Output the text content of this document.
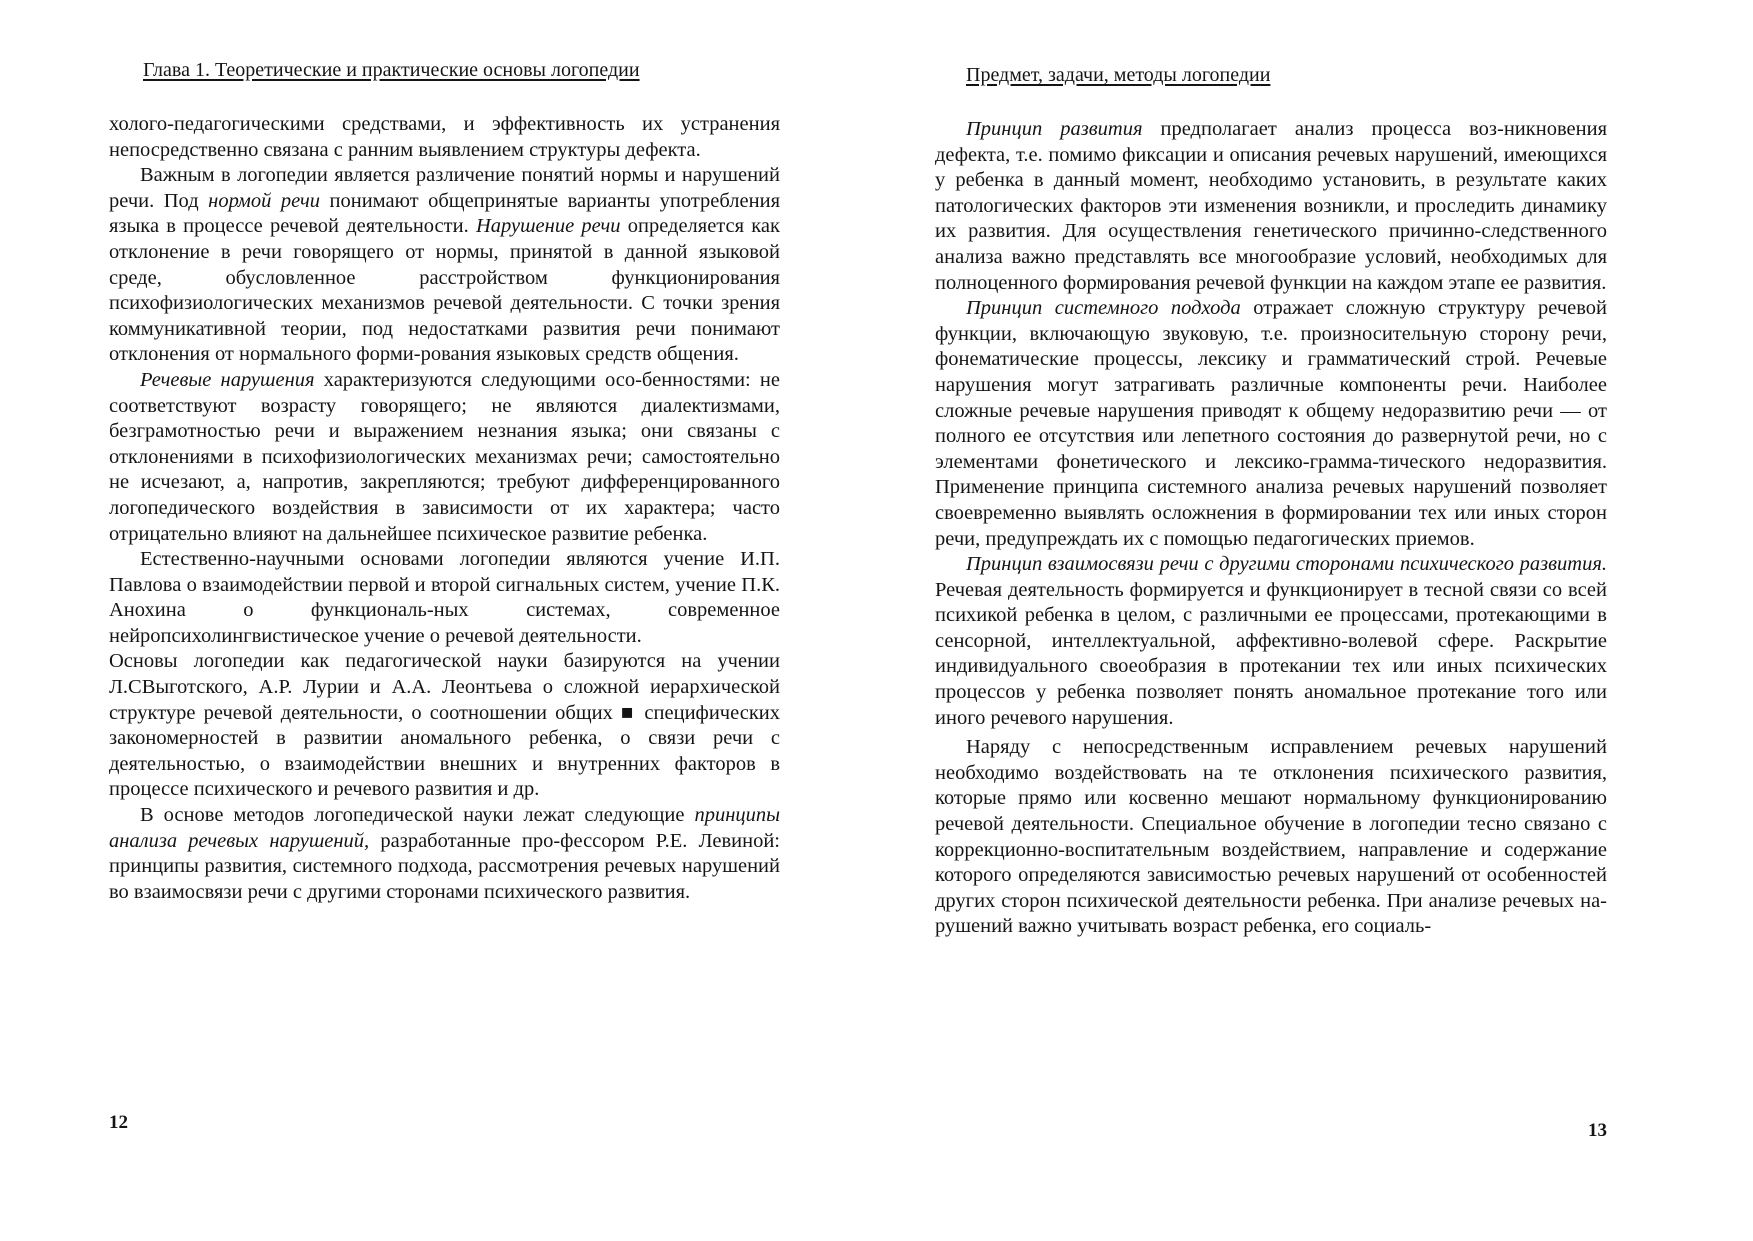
Глава 1. Теоретические и практические основы логопедии

холого-педагогическими средствами, и эффективность их устранения непосредственно связана с ранним выявлением структуры дефекта.

Важным в логопедии является различение понятий нормы и нарушений речи. Под нормой речи понимают общепринятые варианты употребления языка в процессе речевой деятельности. Нарушение речи определяется как отклонение в речи говорящего от нормы, принятой в данной языковой среде, обусловленное расстройством функционирования психофизиологических механизмов речевой деятельности. С точки зрения коммуникативной теории, под недостатками развития речи понимают отклонения от нормального форми-рования языковых средств общения.

Речевые нарушения характеризуются следующими осо-бенностями: не соответствуют возрасту говорящего; не являются диалектизмами, безграмотностью речи и выражением незнания языка; они связаны с отклонениями в психофизиологических механизмах речи; самостоятельно не исчезают, а, напротив, закрепляются; требуют дифференцированного логопедического воздействия в зависимости от их характера; часто отрицательно влияют на дальнейшее психическое развитие ребенка.

Естественно-научными основами логопедии являются учение И.П. Павлова о взаимодействии первой и второй сигнальных систем, учение П.К. Анохина о функциональ-ных системах, современное нейропсихолингвистическое учение о речевой деятельности.

Основы логопедии как педагогической науки базируются на учении Л.СВыготского, А.Р. Лурии и А.А. Леонтьева о сложной иерархической структуре речевой деятельности, о соотношении общих ■ специфических закономерностей в развитии аномального ребенка, о связи речи с деятельностью, о взаимодействии внешних и внутренних факторов в процессе психического и речевого развития и др.

В основе методов логопедической науки лежат следующие принципы анализа речевых нарушений, разработанные про-фессором Р.Е. Левиной: принципы развития, системного подхода, рассмотрения речевых нарушений во взаимосвязи речи с другими сторонами психического развития.

12
Предмет, задачи, методы логопедии

Принцип развития предполагает анализ процесса воз-никновения дефекта, т.е. помимо фиксации и описания речевых нарушений, имеющихся у ребенка в данный момент, необходимо установить, в результате каких патологических факторов эти изменения возникли, и проследить динамику их развития. Для осуществления генетического причинно-следственного анализа важно представлять все многообразие условий, необходимых для полноценного формирования речевой функции на каждом этапе ее развития.

Принцип системного подхода отражает сложную структуру речевой функции, включающую звуковую, т.е. произносительную сторону речи, фонематические процессы, лексику и грамматический строй. Речевые нарушения могут затрагивать различные компоненты речи. Наиболее сложные речевые нарушения приводят к общему недоразвитию речи — от полного ее отсутствия или лепетного состояния до развернутой речи, но с элементами фонетического и лексико-грамма-тического недоразвития. Применение принципа системного анализа речевых нарушений позволяет своевременно выявлять осложнения в формировании тех или иных сторон речи, предупреждать их с помощью педагогических приемов.

Принцип взаимосвязи речи с другими сторонами психического развития. Речевая деятельность формируется и функционирует в тесной связи со всей психикой ребенка в целом, с различными ее процессами, протекающими в сенсорной, интеллектуальной, аффективно-волевой сфере. Раскрытие индивидуального своеобразия в протекании тех или иных психических процессов у ребенка позволяет понять аномальное протекание того или иного речевого нарушения.

Наряду с непосредственным исправлением речевых нарушений необходимо воздействовать на те отклонения психического развития, которые прямо или косвенно мешают нормальному функционированию речевой деятельности. Специальное обучение в логопедии тесно связано с коррекционно-воспитательным воздействием, направление и содержание которого определяются зависимостью речевых нарушений от особенностей других сторон психической деятельности ребенка. При анализе речевых на-рушений важно учитывать возраст ребенка, его социаль-

13
